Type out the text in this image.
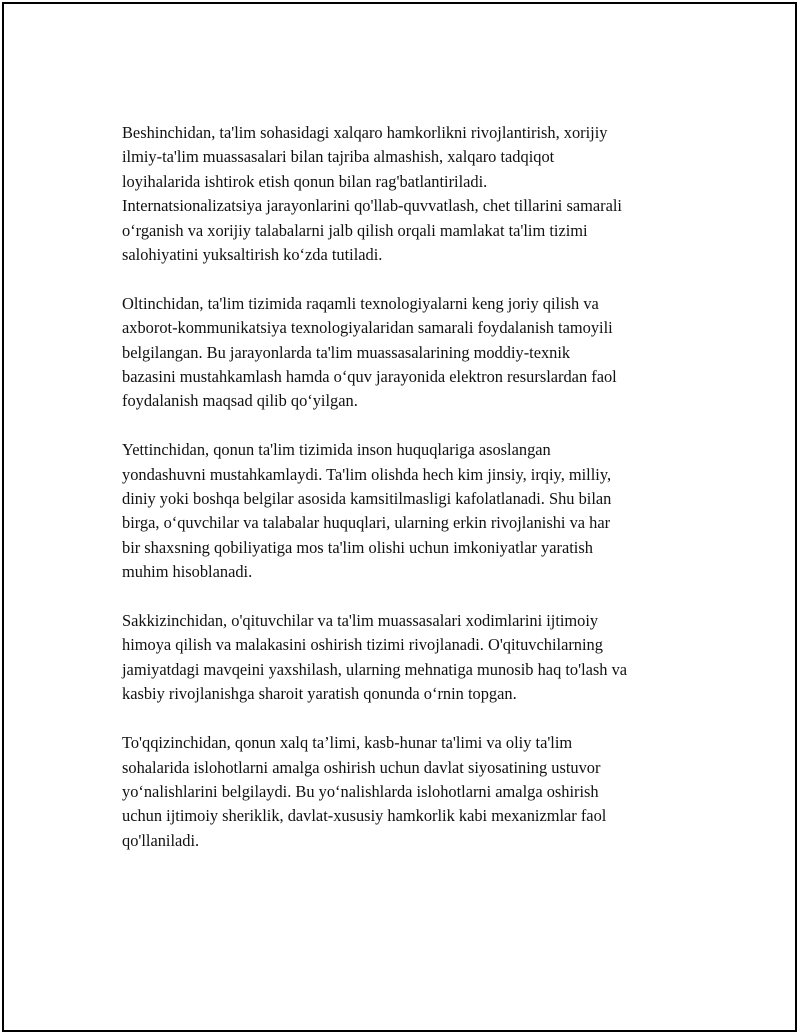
Beshinchidan, ta'lim sohasidagi xalqaro hamkorlikni rivojlantirish, xorijiy
ilmiy-ta'lim muassasalari bilan tajriba almashish, xalqaro tadqiqot
loyihalarida ishtirok etish qonun bilan rag'batlantiriladi.
Internatsionalizatsiya jarayonlarini qo'llab-quvvatlash, chet tillarini samarali
o‘rganish va xorijiy talabalarni jalb qilish orqali mamlakat ta'lim tizimi
salohiyatini yuksaltirish ko‘zda tutiladi.

Oltinchidan, ta'lim tizimida raqamli texnologiyalarni keng joriy qilish va
axborot-kommunikatsiya texnologiyalaridan samarali foydalanish tamoyili
belgilangan. Bu jarayonlarda ta'lim muassasalarining moddiy-texnik
bazasini mustahkamlash hamda o‘quv jarayonida elektron resurslardan faol
foydalanish maqsad qilib qo‘yilgan.

Yettinchidan, qonun ta'lim tizimida inson huquqlariga asoslangan
yondashuvni mustahkamlaydi. Ta'lim olishda hech kim jinsiy, irqiy, milliy,
diniy yoki boshqa belgilar asosida kamsitilmasligi kafolatlanadi. Shu bilan
birga, o‘quvchilar va talabalar huquqlari, ularning erkin rivojlanishi va har
bir shaxsning qobiliyatiga mos ta'lim olishi uchun imkoniyatlar yaratish
muhim hisoblanadi.

Sakkizinchidan, o'qituvchilar va ta'lim muassasalari xodimlarini ijtimoiy
himoya qilish va malakasini oshirish tizimi rivojlanadi. O'qituvchilarning
jamiyatdagi mavqeini yaxshilash, ularning mehnatiga munosib haq to'lash va
kasbiy rivojlanishga sharoit yaratish qonunda o‘rnin topgan.

To'qqizinchidan, qonun xalq ta’limi, kasb-hunar ta'limi va oliy ta'lim
sohalarida islohotlarni amalga oshirish uchun davlat siyosatining ustuvor
yo‘nalishlarini belgilaydi. Bu yo‘nalishlarda islohotlarni amalga oshirish
uchun ijtimoiy sheriklik, davlat-xususiy hamkorlik kabi mexanizmlar faol
qo'llaniladi.
